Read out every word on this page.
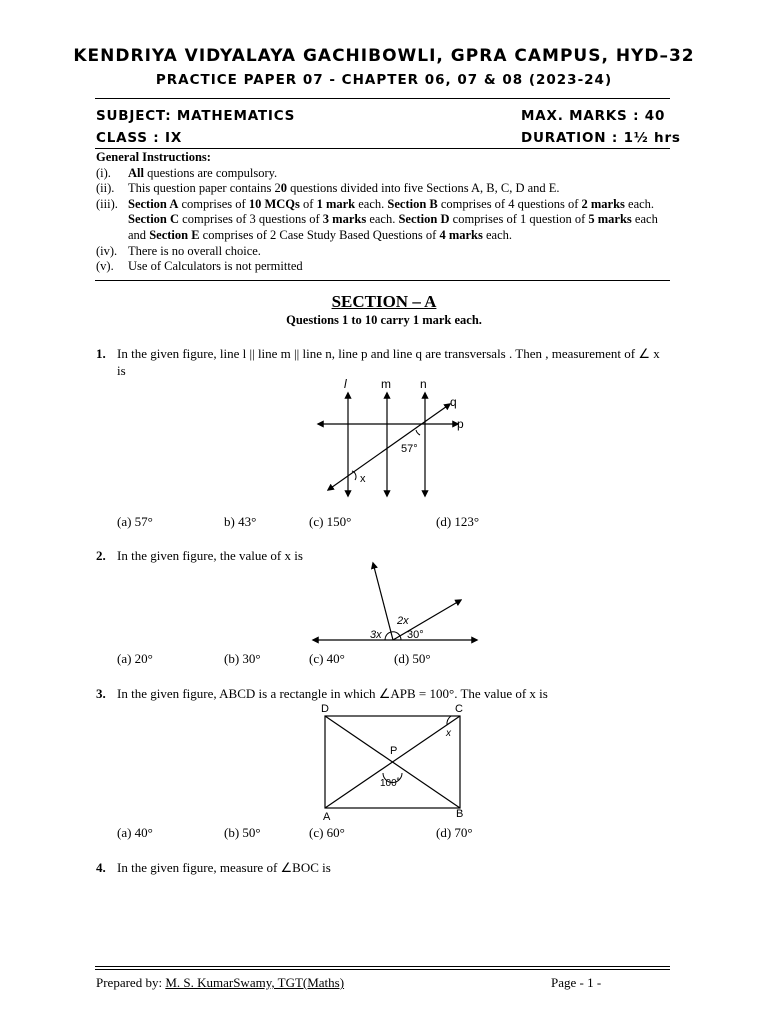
KENDRIYA VIDYALAYA GACHIBOWLI, GPRA CAMPUS, HYD–32
PRACTICE PAPER 07 - CHAPTER 06, 07 & 08 (2023-24)
SUBJECT: MATHEMATICS	MAX. MARKS : 40
CLASS : IX	DURATION : 1½ hrs
General Instructions:
(i).	All questions are compulsory.
(ii).	This question paper contains 20 questions divided into five Sections A, B, C, D and E.
(iii). Section A comprises of 10 MCQs of 1 mark each. Section B comprises of 4 questions of 2 marks each. Section C comprises of 3 questions of 3 marks each. Section D comprises of 1 question of 5 marks each and Section E comprises of 2 Case Study Based Questions of 4 marks each.
(iv). There is no overall choice.
(v).	Use of Calculators is not permitted
SECTION – A
Questions 1 to 10 carry 1 mark each.
1. In the given figure, line l || line m || line n, line p and line q are transversals . Then , measurement of ∠ x is
l	m n
q
p
57°
x
(a) 57°	b) 43°	(c) 150°	(d) 123°
2. In the given figure, the value of x is
3x
2x
30°
(a) 20°	(b) 30°	(c) 40°	(d) 50°
3. In the given figure, ABCD is a rectangle in which ∠APB = 100°. The value of x is
D	C
A	B
P
x
100˚
(a) 40°	(b) 50°	(c) 60°	(d) 70°
4. In the given figure, measure of ∠BOC is
Prepared by: M. S. KumarSwamy, TGT(Maths)	Page - 1 -
